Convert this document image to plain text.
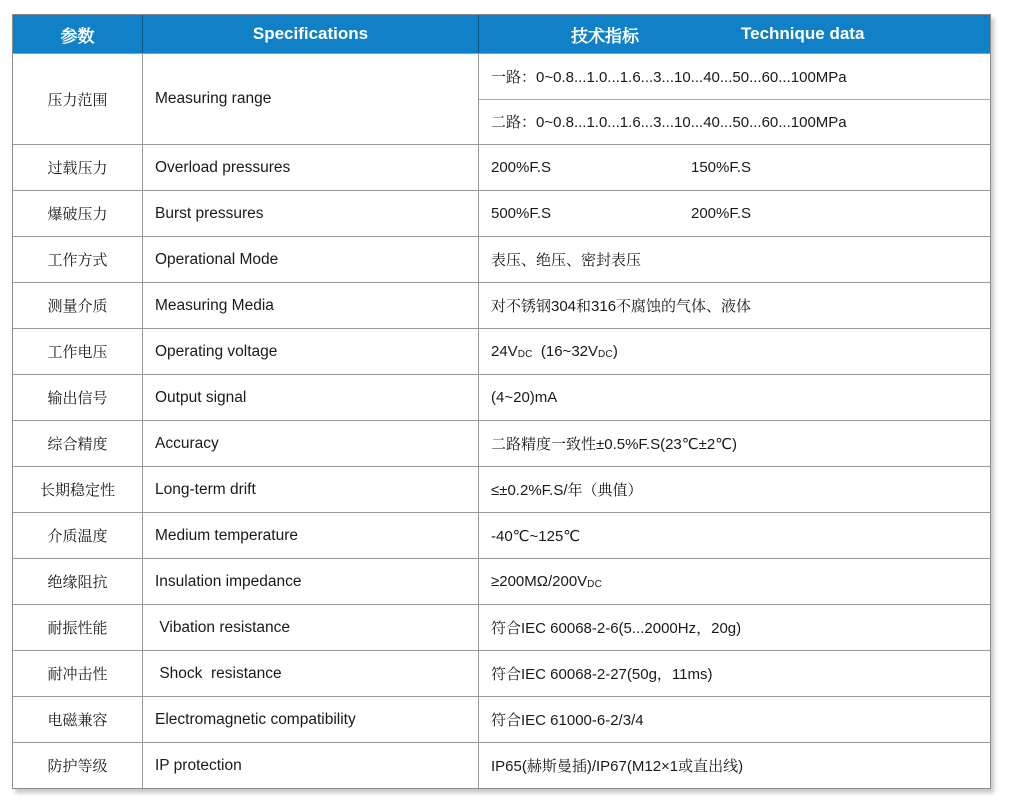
参数	Specifications	技术指标	Technique data
压力范围	Measuring range
一路：0~0.8...1.0...1.6...3...10...40...50...60...100MPa
二路：0~0.8...1.0...1.6...3...10...40...50...60...100MPa
过载压力	Overload pressures	200%F.S	150%F.S
爆破压力	Burst pressures	500%F.S	200%F.S
工作方式	Operational Mode	表压、绝压、密封表压
测量介质	Measuring Media	对不锈钢304和316不腐蚀的气体、液体
工作电压	Operating voltage	$24V_{DC}$  $(16\sim 32V_{DC})$
输出信号	Output signal	(4~20)mA
综合精度	Accuracy	二路精度一致性±0.5%F.S(23℃±2℃)
长期稳定性	Long-term drift	≤±0.2%F.S/年（典值）
介质温度	Medium temperature	-40℃~125℃
绝缘阻抗	Insulation impedance	$\ge 200M\Omega/200V_{DC}$
耐振性能	Vibation resistance	符合IEC 60068-2-6(5...2000Hz，20g)
耐冲击性	Shock  resistance	符合IEC 60068-2-27(50g，11ms)
电磁兼容	Electromagnetic compatibility	符合IEC 61000-6-2/3/4
防护等级	IP protection	IP65(赫斯曼插)/IP67(M12×1或直出线)
